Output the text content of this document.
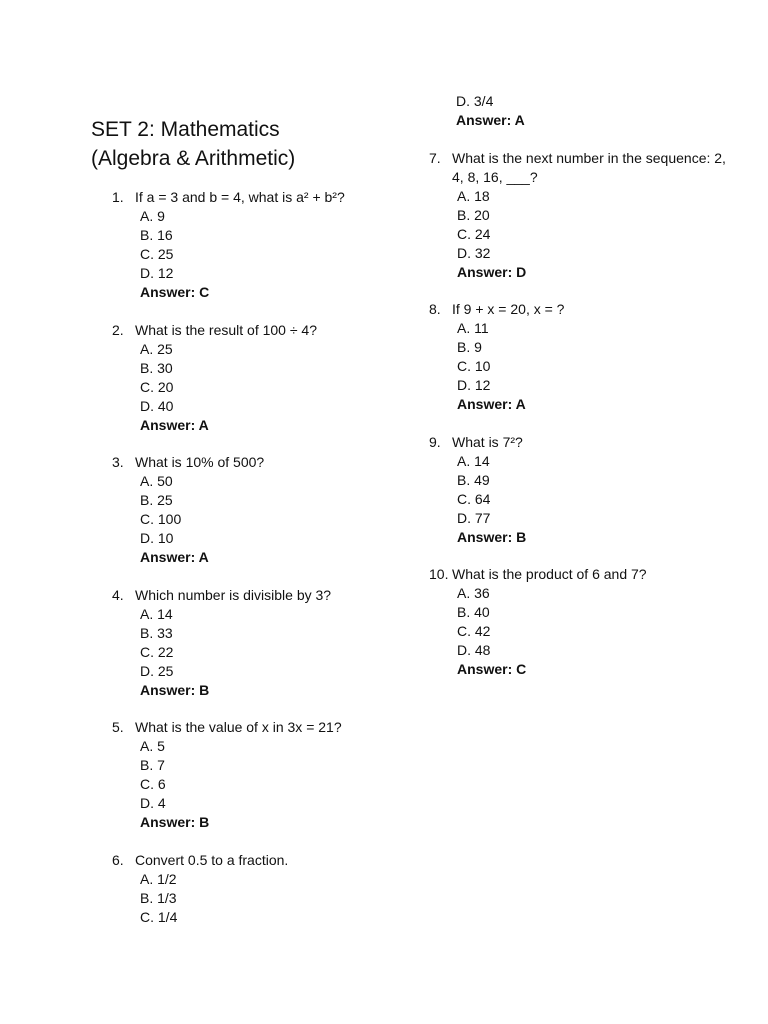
SET 2: Mathematics
(Algebra & Arithmetic)
1. If a = 3 and b = 4, what is a² + b²?
A. 9
B. 16
C. 25
D. 12
Answer: C
2. What is the result of 100 ÷ 4?
A. 25
B. 30
C. 20
D. 40
Answer: A
3. What is 10% of 500?
A. 50
B. 25
C. 100
D. 10
Answer: A
4. Which number is divisible by 3?
A. 14
B. 33
C. 22
D. 25
Answer: B
5. What is the value of x in 3x = 21?
A. 5
B. 7
C. 6
D. 4
Answer: B
6. Convert 0.5 to a fraction.
A. 1/2
B. 1/3
C. 1/4
D. 3/4
Answer: A
7. What is the next number in the sequence: 2, 4, 8, 16, ___?
A. 18
B. 20
C. 24
D. 32
Answer: D
8. If 9 + x = 20, x = ?
A. 11
B. 9
C. 10
D. 12
Answer: A
9. What is 7²?
A. 14
B. 49
C. 64
D. 77
Answer: B
10. What is the product of 6 and 7?
A. 36
B. 40
C. 42
D. 48
Answer: C
